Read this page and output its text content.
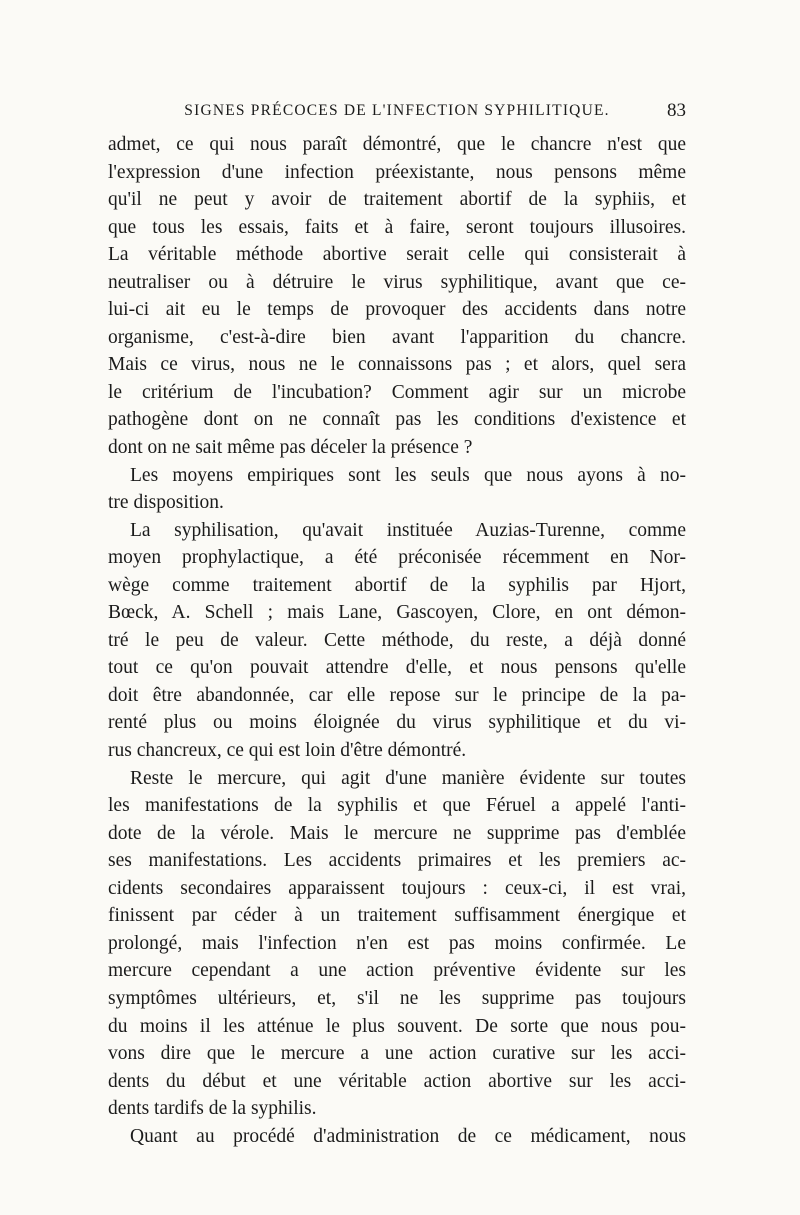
SIGNES PRÉCOCES DE L'INFECTION SYPHILITIQUE.	83
admet, ce qui nous paraît démontré, que le chancre n'est que
l'expression d'une infection préexistante, nous pensons même
qu'il ne peut y avoir de traitement abortif de la syphiis, et
que tous les essais, faits et à faire, seront toujours illusoires.
La véritable méthode abortive serait celle qui consisterait à
neutraliser ou à détruire le virus syphilitique, avant que ce-
lui-ci ait eu le temps de provoquer des accidents dans notre
organisme, c'est-à-dire bien avant l'apparition du chancre.
Mais ce virus, nous ne le connaissons pas ; et alors, quel sera
le critérium de l'incubation? Comment agir sur un microbe
pathogène dont on ne connaît pas les conditions d'existence et
dont on ne sait même pas déceler la présence ?
Les moyens empiriques sont les seuls que nous ayons à no-
tre disposition.
La syphilisation, qu'avait instituée Auzias-Turenne, comme
moyen prophylactique, a été préconisée récemment en Nor-
wège comme traitement abortif de la syphilis par Hjort,
Bœck, A. Schell ; mais Lane, Gascoyen, Clore, en ont démon-
tré le peu de valeur. Cette méthode, du reste, a déjà donné
tout ce qu'on pouvait attendre d'elle, et nous pensons qu'elle
doit être abandonnée, car elle repose sur le principe de la pa-
renté plus ou moins éloignée du virus syphilitique et du vi-
rus chancreux, ce qui est loin d'être démontré.
Reste le mercure, qui agit d'une manière évidente sur toutes
les manifestations de la syphilis et que Féruel a appelé l'anti-
dote de la vérole. Mais le mercure ne supprime pas d'emblée
ses manifestations. Les accidents primaires et les premiers ac-
cidents secondaires apparaissent toujours : ceux-ci, il est vrai,
finissent par céder à un traitement suffisamment énergique et
prolongé, mais l'infection n'en est pas moins confirmée. Le
mercure cependant a une action préventive évidente sur les
symptômes ultérieurs, et, s'il ne les supprime pas toujours
du moins il les atténue le plus souvent. De sorte que nous pou-
vons dire que le mercure a une action curative sur les acci-
dents du début et une véritable action abortive sur les acci-
dents tardifs de la syphilis.
Quant au procédé d'administration de ce médicament, nous
